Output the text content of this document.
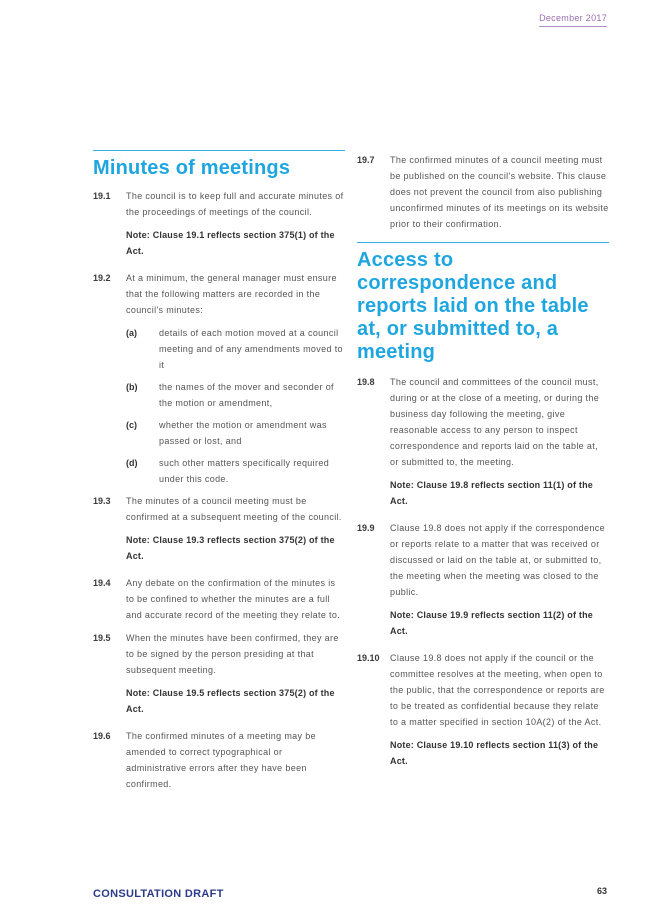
December 2017
Minutes of meetings
19.1	The council is to keep full and accurate minutes of the proceedings of meetings of the council.
Note: Clause 19.1 reflects section 375(1) of the Act.
19.2	At a minimum, the general manager must ensure that the following matters are recorded in the council's minutes:
(a)	details of each motion moved at a council meeting and of any amendments moved to it
(b)	the names of the mover and seconder of the motion or amendment,
(c)	whether the motion or amendment was passed or lost, and
(d)	such other matters specifically required under this code.
19.3	The minutes of a council meeting must be confirmed at a subsequent meeting of the council.
Note: Clause 19.3 reflects section 375(2) of the Act.
19.4	Any debate on the confirmation of the minutes is to be confined to whether the minutes are a full and accurate record of the meeting they relate to.
19.5	When the minutes have been confirmed, they are to be signed by the person presiding at that subsequent meeting.
Note: Clause 19.5 reflects section 375(2) of the Act.
19.6	The confirmed minutes of a meeting may be amended to correct typographical or administrative errors after they have been confirmed.
19.7	The confirmed minutes of a council meeting must be published on the council's website. This clause does not prevent the council from also publishing unconfirmed minutes of its meetings on its website prior to their confirmation.
Access to correspondence and reports laid on the table at, or submitted to, a meeting
19.8	The council and committees of the council must, during or at the close of a meeting, or during the business day following the meeting, give reasonable access to any person to inspect correspondence and reports laid on the table at, or submitted to, the meeting.
Note: Clause 19.8 reflects section 11(1) of the Act.
19.9	Clause 19.8 does not apply if the correspondence or reports relate to a matter that was received or discussed or laid on the table at, or submitted to, the meeting when the meeting was closed to the public.
Note: Clause 19.9 reflects section 11(2) of the Act.
19.10	Clause 19.8 does not apply if the council or the committee resolves at the meeting, when open to the public, that the correspondence or reports are to be treated as confidential because they relate to a matter specified in section 10A(2) of the Act.
Note: Clause 19.10 reflects section 11(3) of the Act.
CONSULTATION DRAFT	63
